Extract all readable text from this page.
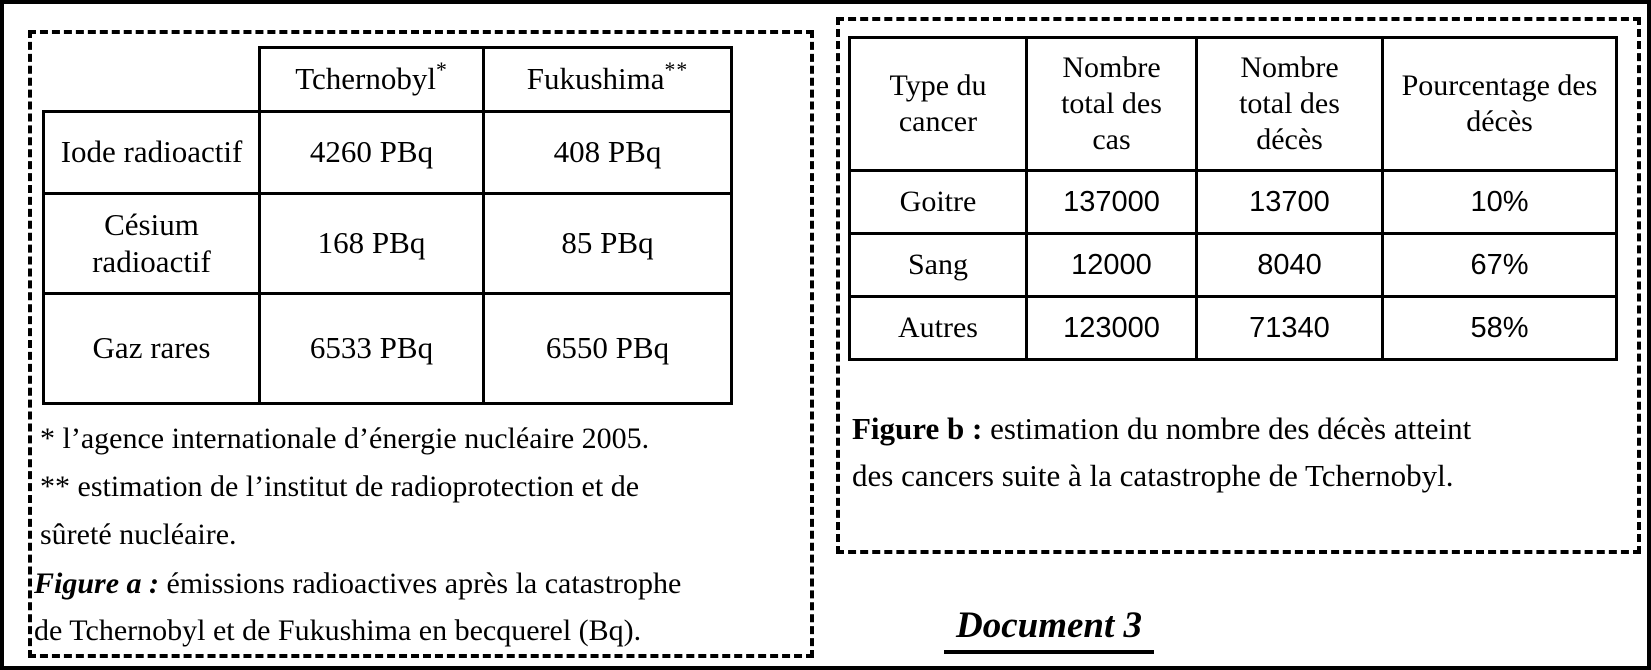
	Tchernobyl*	Fukushima**
Iode radioactif	4260 PBq	408 PBq
Césium radioactif	168 PBq	85 PBq
Gaz rares	6533 PBq	6550 PBq

* l’agence internationale d’énergie nucléaire 2005.

** estimation de l’institut de radioprotection et de

sûreté nucléaire.

Figure a : émissions radioactives après la catastrophe

de Tchernobyl et de Fukushima en becquerel (Bq).

Type du cancer	Nombre total des cas	Nombre total des décès	Pourcentage des décès
Goitre	137000	13700	10%
Sang	12000	8040	67%
Autres	123000	71340	58%

Figure b : estimation du nombre des décès atteint

des cancers suite à la catastrophe de Tchernobyl.

Document 3
